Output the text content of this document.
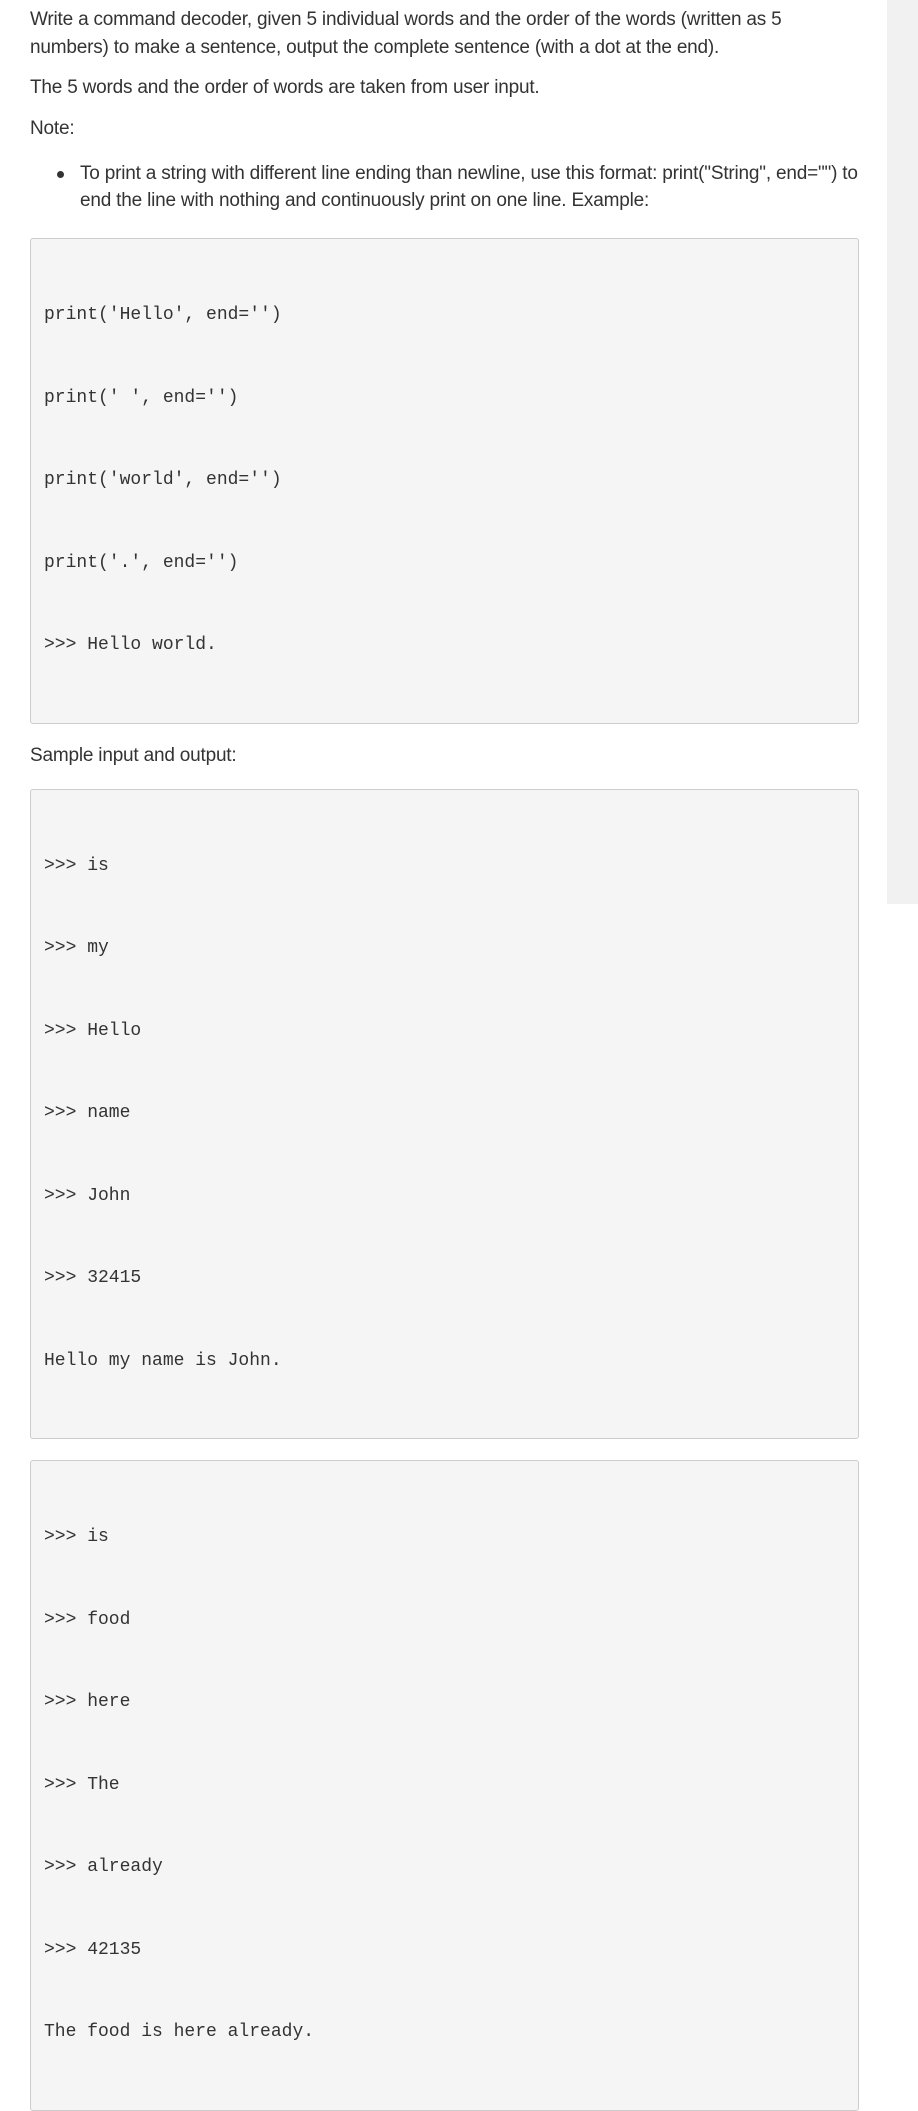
Write a command decoder, given 5 individual words and the order of the words (written as 5 numbers) to make a sentence, output the complete sentence (with a dot at the end).

The 5 words and the order of words are taken from user input.

Note:

To print a string with different line ending than newline, use this format: print("String", end="") to end the line with nothing and continuously print on one line. Example:

print('Hello', end='')

print(' ', end='')

print('world', end='')

print('.', end='')

>>> Hello world.

Sample input and output:

>>> is

>>> my

>>> Hello

>>> name

>>> John

>>> 32415

Hello my name is John.

>>> is

>>> food

>>> here

>>> The

>>> already

>>> 42135

The food is here already.
